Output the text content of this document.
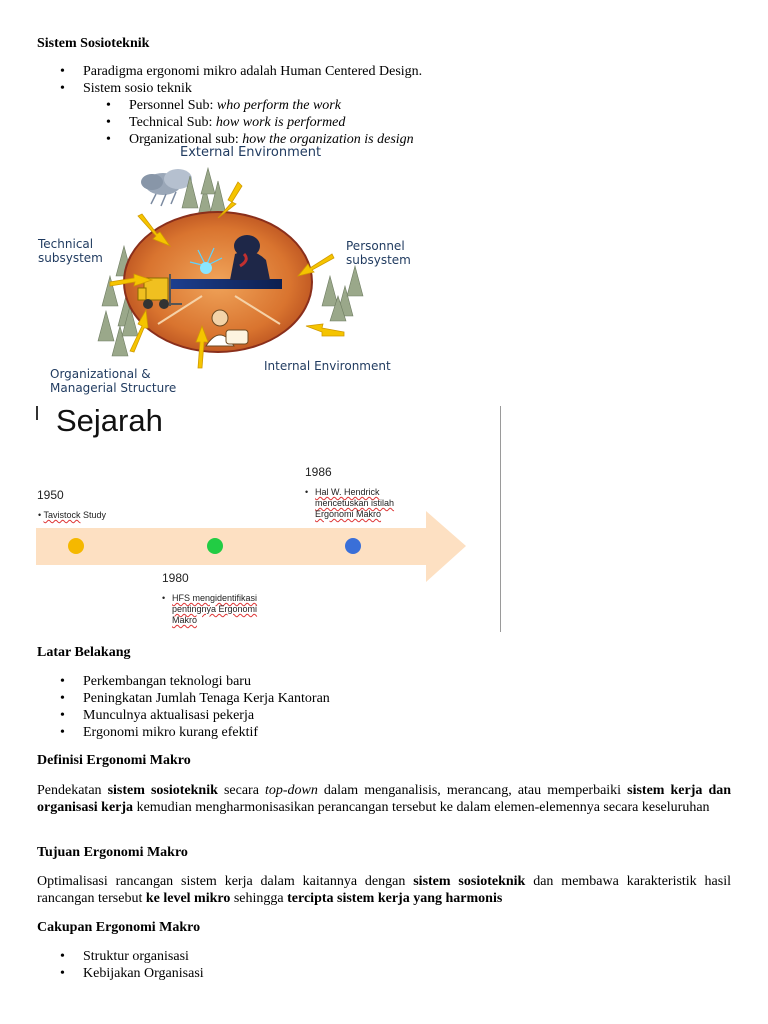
Sistem Sosioteknik
• Paradigma ergonomi mikro adalah Human Centered Design.
• Sistem sosio teknik
• Personnel Sub: who perform the work
• Technical Sub: how work is performed
• Organizational sub: how the organization is design
External Environment
Technical
subsystem
Personnel
subsystem
Internal Environment
Organizational &
Managerial Structure
Sejarah
1950
• Tavistock Study
1980
• HFS mengidentifikasi
pentingnya Ergonomi
Makro
1986
• Hal W. Hendrick
mencetuskan istilah
Ergonomi Makro
Latar Belakang
• Perkembangan teknologi baru
• Peningkatan Jumlah Tenaga Kerja Kantoran
• Munculnya aktualisasi pekerja
• Ergonomi mikro kurang efektif
Definisi Ergonomi Makro
Pendekatan sistem sosioteknik secara top-down dalam menganalisis, merancang, atau memperbaiki sistem kerja dan organisasi kerja kemudian mengharmonisasikan perancangan tersebut ke dalam elemen-elemennya secara keseluruhan
Tujuan Ergonomi Makro
Optimalisasi rancangan sistem kerja dalam kaitannya dengan sistem sosioteknik dan membawa karakteristik hasil rancangan tersebut ke level mikro sehingga tercipta sistem kerja yang harmonis
Cakupan Ergonomi Makro
• Struktur organisasi
• Kebijakan Organisasi
